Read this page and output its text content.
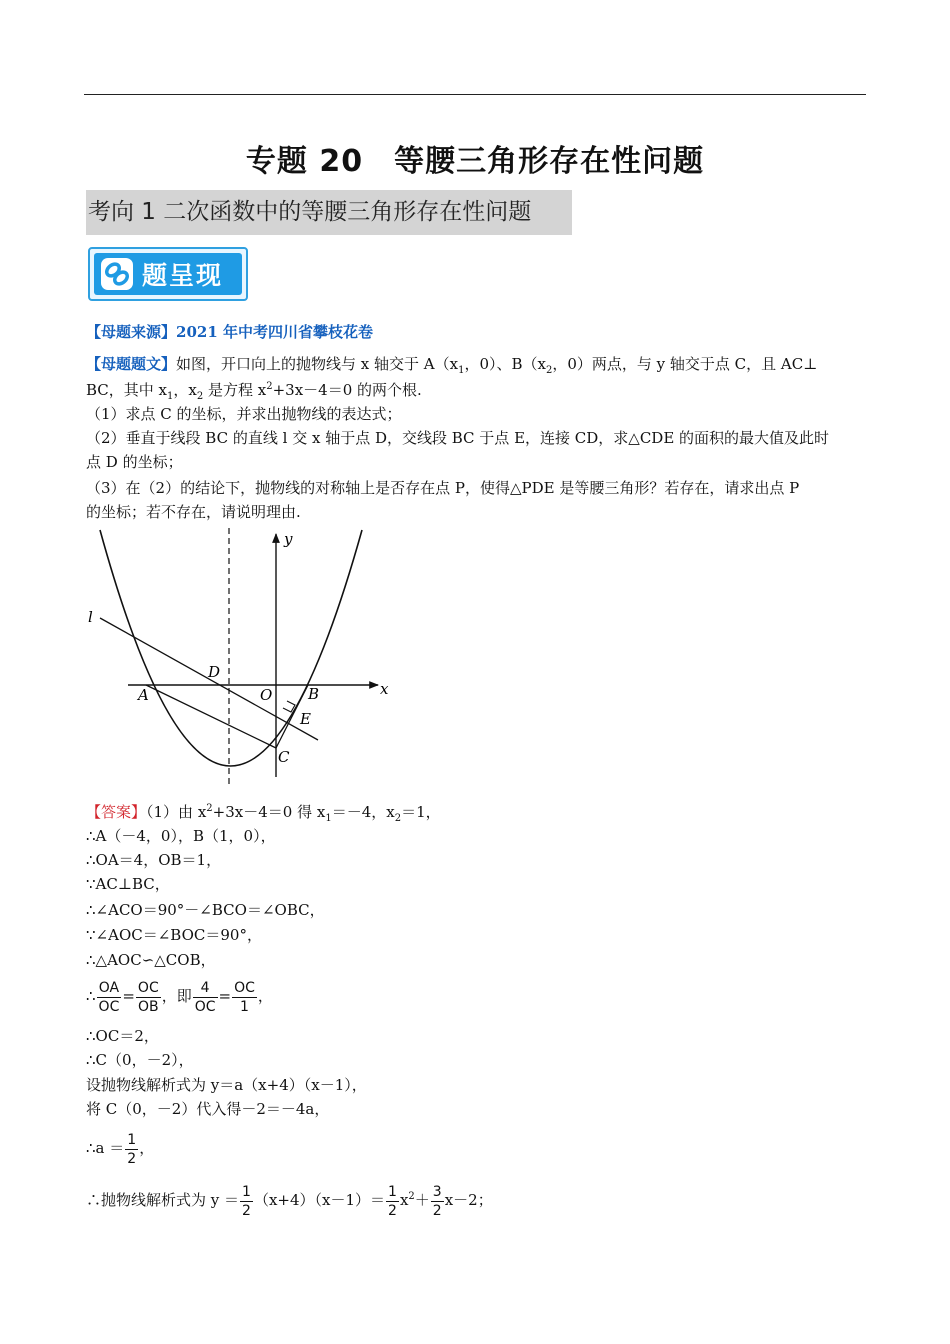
专题 20　等腰三角形存在性问题
考向 1 二次函数中的等腰三角形存在性问题
题呈现
【母题来源】2021 年中考四川省攀枝花卷
【母题题文】如图，开口向上的抛物线与 x 轴交于 $A(x_1$，0）、$B(x_2$，0）两点，与 y 轴交于点 C，且 AC⊥
BC，其中 $x_1$，$x_2$ 是方程 $x^2+3x-4=0$ 的两个根.
（1）求点 C 的坐标，并求出抛物线的表达式；
（2）垂直于线段 BC 的直线 l 交 x 轴于点 D，交线段 BC 于点 E，连接 CD，求△CDE 的面积的最大值及此时
点 D 的坐标；
（3）在（2）的结论下，抛物线的对称轴上是否存在点 P，使得△PDE 是等腰三角形？若存在，请求出点 P
的坐标；若不存在，请说明理由.
l
y
x
D
O
A	B
E
C
【答案】（1）由 $x^2+3x-4=0$ 得 $x_1=-4$，$x_2=1$，
∴A（－4，0），B（1，0），
∴OA＝4，OB＝1，
∵AC⊥BC，
∴∠ACO＝90°－∠BCO＝∠OBC，
∵∠AOC＝∠BOC＝90°，
∴△AOC∽△COB，
∴ $\frac{OA}{OC} = \frac{OC}{OB}$ ，即 $\frac{4}{OC} = \frac{OC}{1}$ ，
∴OC＝2，
∴C（0，－2），
设抛物线解析式为 y＝a（x+4）（x－1），
将 C（0，－2）代入得－2＝－4a，
∴a ＝ $\frac{1}{2}$ ，
∴抛物线解析式为 $y = \frac{1}{2} (x+4)(x-1)= \frac{1}{2} x^2+ \frac{3}{2} x-2$；
